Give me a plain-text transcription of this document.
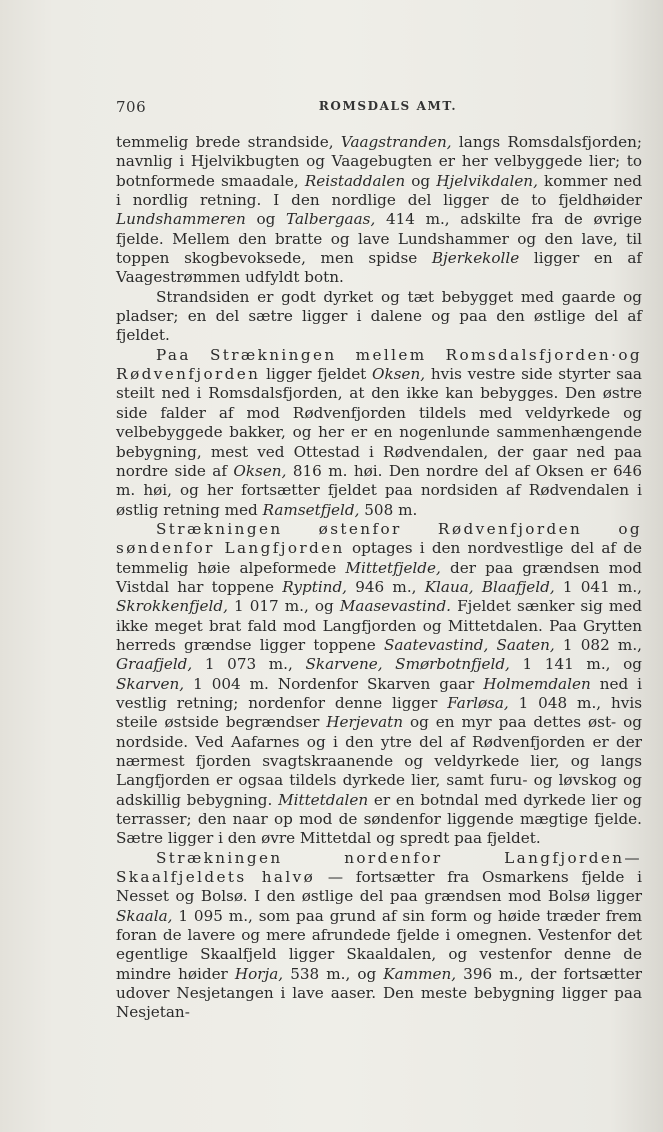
706	ROMSDALS AMT.

temmelig brede strandside, Vaagstranden, langs Romsdalsfjorden; navnlig i Hjelvikbugten og Vaagebugten er her velbyggede lier; to botnformede smaadale, Reistaddalen og Hjelvikdalen, kommer ned i nordlig retning. I den nordlige del ligger de to fjeldhøider Lundshammeren og Talbergaas, 414 m., adskilte fra de øvrige fjelde. Mellem den bratte og lave Lundshammer og den lave, til toppen skogbevoksede, men spidse Bjerkekolle ligger en af Vaagestrømmen udfyldt botn.

Strandsiden er godt dyrket og tæt bebygget med gaarde og pladser; en del sætre ligger i dalene og paa den østlige del af fjeldet.

Paa Strækningen mellem Romsdalsfjorden·og Rødvenfjorden ligger fjeldet Oksen, hvis vestre side styrter saa steilt ned i Romsdalsfjorden, at den ikke kan bebygges. Den østre side falder af mod Rødvenfjorden tildels med veldyrkede og velbebyggede bakker, og her er en nogenlunde sammenhængende bebygning, mest ved Ottestad i Rødvendalen, der gaar ned paa nordre side af Oksen, 816 m. høi. Den nordre del af Oksen er 646 m. høi, og her fortsætter fjeldet paa nordsiden af Rødvendalen i østlig retning med Ramsetfjeld, 508 m.

Strækningen østenfor Rødvenfjorden og søndenfor Langfjorden optages i den nordvestlige del af de temmelig høie alpeformede Mittetfjelde, der paa grændsen mod Vistdal har toppene Ryptind, 946 m., Klaua, Blaafjeld, 1 041 m., Skrokkenfjeld, 1 017 m., og Maasevastind. Fjeldet sænker sig med ikke meget brat fald mod Langfjorden og Mittetdalen. Paa Grytten herreds grændse ligger toppene Saatevastind, Saaten, 1 082 m., Graafjeld, 1 073 m., Skarvene, Smørbotnfjeld, 1 141 m., og Skarven, 1 004 m. Nordenfor Skarven gaar Holmemdalen ned i vestlig retning; nordenfor denne ligger Farløsa, 1 048 m., hvis steile østside begrændser Herjevatn og en myr paa dettes øst- og nordside. Ved Aafarnes og i den ytre del af Rødvenfjorden er der nærmest fjorden svagtskraanende og veldyrkede lier, og langs Langfjorden er ogsaa tildels dyrkede lier, samt furu- og løvskog og adskillig bebygning. Mittetdalen er en botndal med dyrkede lier og terrasser; den naar op mod de søndenfor liggende mægtige fjelde. Sætre ligger i den øvre Mittetdal og spredt paa fjeldet.

Strækningen nordenfor Langfjorden— Skaalfjeldets halvø — fortsætter fra Osmarkens fjelde i Nesset og Bolsø. I den østlige del paa grændsen mod Bolsø ligger Skaala, 1 095 m., som paa grund af sin form og høide træder frem foran de lavere og mere afrundede fjelde i omegnen. Vestenfor det egentlige Skaalfjeld ligger Skaaldalen, og vestenfor denne de mindre høider Horja, 538 m., og Kammen, 396 m., der fortsætter udover Nesjetangen i lave aaser. Den meste bebygning ligger paa Nesjetan-
